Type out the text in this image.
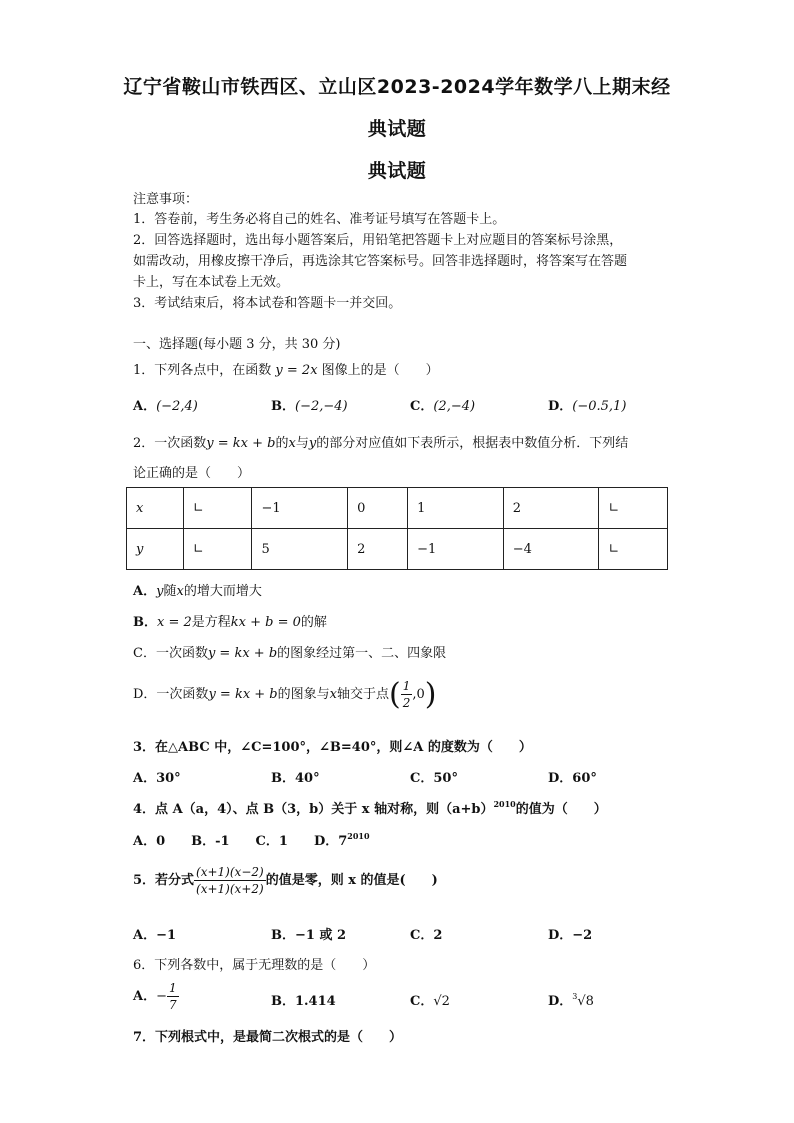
辽宁省鞍山市铁西区、立山区2023-2024学年数学八上期末经
典试题
典试题
注意事项：
1．答卷前，考生务必将自己的姓名、准考证号填写在答题卡上。
2．回答选择题时，选出每小题答案后，用铅笔把答题卡上对应题目的答案标号涂黑，
如需改动，用橡皮擦干净后，再选涂其它答案标号。回答非选择题时，将答案写在答题
卡上，写在本试卷上无效。
3．考试结束后，将本试卷和答题卡一并交回。
一、选择题(每小题 3 分，共 30 分)
1．下列各点中，在函数 y = 2x 图像上的是（　　）
A．(−2,4)	B．(−2,−4)	C．(2,−4)	D．(−0.5,1)
2．一次函数y = kx + b的x与y的部分对应值如下表所示，根据表中数值分析．下列结
论正确的是（　　）
x	∟	−1	0	1	2	∟
y	∟	5	2	−1	−4	∟
A．y随x的增大而增大
B．x = 2是方程kx + b = 0的解
C．一次函数y = kx + b的图象经过第一、二、四象限
D．一次函数y = kx + b的图象与x轴交于点( $\frac{1}{2} ,0$)
3．在△ABC 中，∠C=100°，∠B=40°，则∠A 的度数为（　　）
A．30°	B．40°	C．50°	D．60°
4．点 A（a，4）、点 B（3，b）关于 x 轴对称，则$(a+b)^{2010}$的值为（　　）
A．0　　B．-1　　C．1　　D．$7^{2010}$
5．若分式 $\frac{(x+1)(x-2)}{(x+1)(x+2)}$ 的值是零，则 x 的值是(　　)
A．−1	B．−1 或 2	C．2	D．−2
6．下列各数中，属于无理数的是（　　）
A．− $\frac{1}{7}$	B．1.414	C．√2	D．$^3$√8
7．下列根式中，是最简二次根式的是（　　）
